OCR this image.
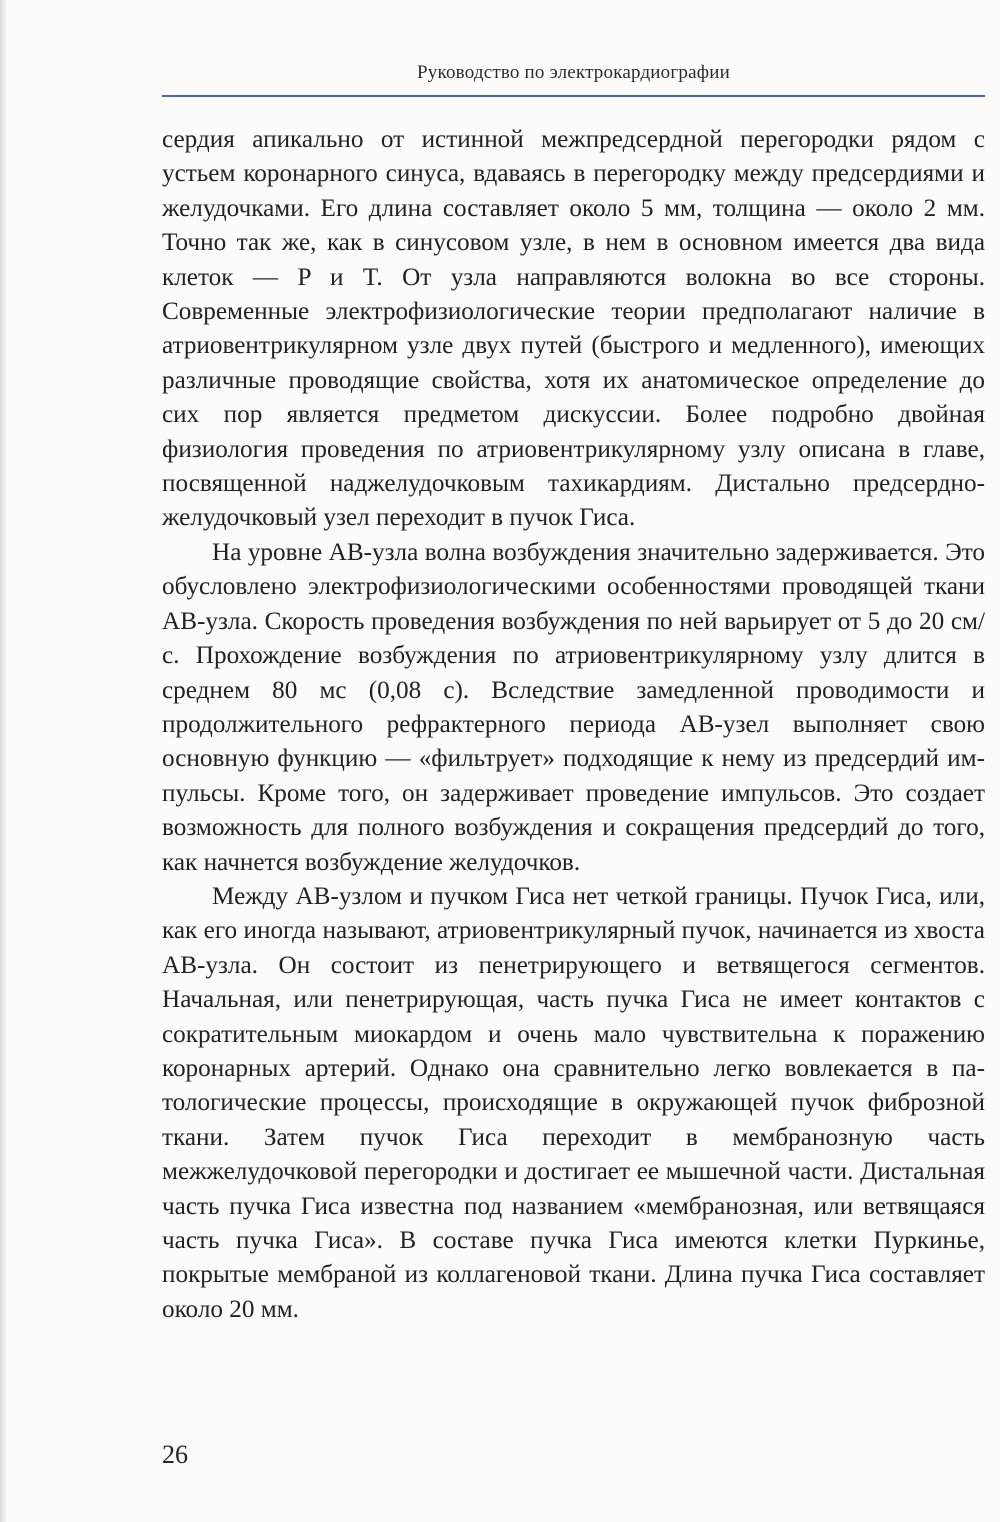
Руководство по электрокардиографии

сердия апикально от истинной межпредсердной перегородки рядом с устьем коронарного синуса, вдаваясь в перегородку между предсердиями и желудочками. Его длина составляет около 5 мм, толщина — около 2 мм. Точно так же, как в синусовом узле, в нем в основном имеется два вида клеток — P и T. От узла направляются волокна во все стороны. Современные электрофизиологические теории предполагают наличие в атриовентрикулярном узле двух путей (быстрого и медленного), имеющих различные проводящие свойства, хотя их анатомическое определение до сих пор является предметом дискуссии. Более подробно двойная физиология проведения по атриовентрикулярному узлу описана в главе, посвященной наджелудочковым тахикардиям. Дистально предсердно-желудочковый узел переходит в пучок Гиса.

На уровне АВ-узла волна возбуждения значительно задерживается. Это обусловлено электрофизиологическими особенностями проводящей ткани АВ-узла. Скорость проведения возбуждения по ней варьирует от 5 до 20 см/с. Прохождение возбуждения по атриовентрикулярному узлу длится в среднем 80 мс (0,08 с). Вследствие замедленной проводимости и продолжительного рефрактерного периода АВ-узел выполняет свою основную функцию — «фильтрует» подходящие к нему из предсердий импульсы. Кроме того, он задерживает проведение импульсов. Это создает возможность для полного возбуждения и сокращения предсердий до того, как начнется возбуждение желудочков.

Между АВ-узлом и пучком Гиса нет четкой границы. Пучок Гиса, или, как его иногда называют, атриовентрикулярный пучок, начинается из хвоста АВ-узла. Он состоит из пенетрирующего и ветвящегося сегментов. Начальная, или пенетрирующая, часть пучка Гиса не имеет контактов с сократительным миокардом и очень мало чувствительна к поражению коронарных артерий. Однако она сравнительно легко вовлекается в патологические процессы, происходящие в окружающей пучок фиброзной ткани. Затем пучок Гиса переходит в мембранозную часть межжелудочковой перегородки и достигает ее мышечной части. Дистальная часть пучка Гиса известна под названием «мембранозная, или ветвящаяся часть пучка Гиса». В составе пучка Гиса имеются клетки Пуркинье, покрытые мембраной из коллагеновой ткани. Длина пучка Гиса составляет около 20 мм.

26
